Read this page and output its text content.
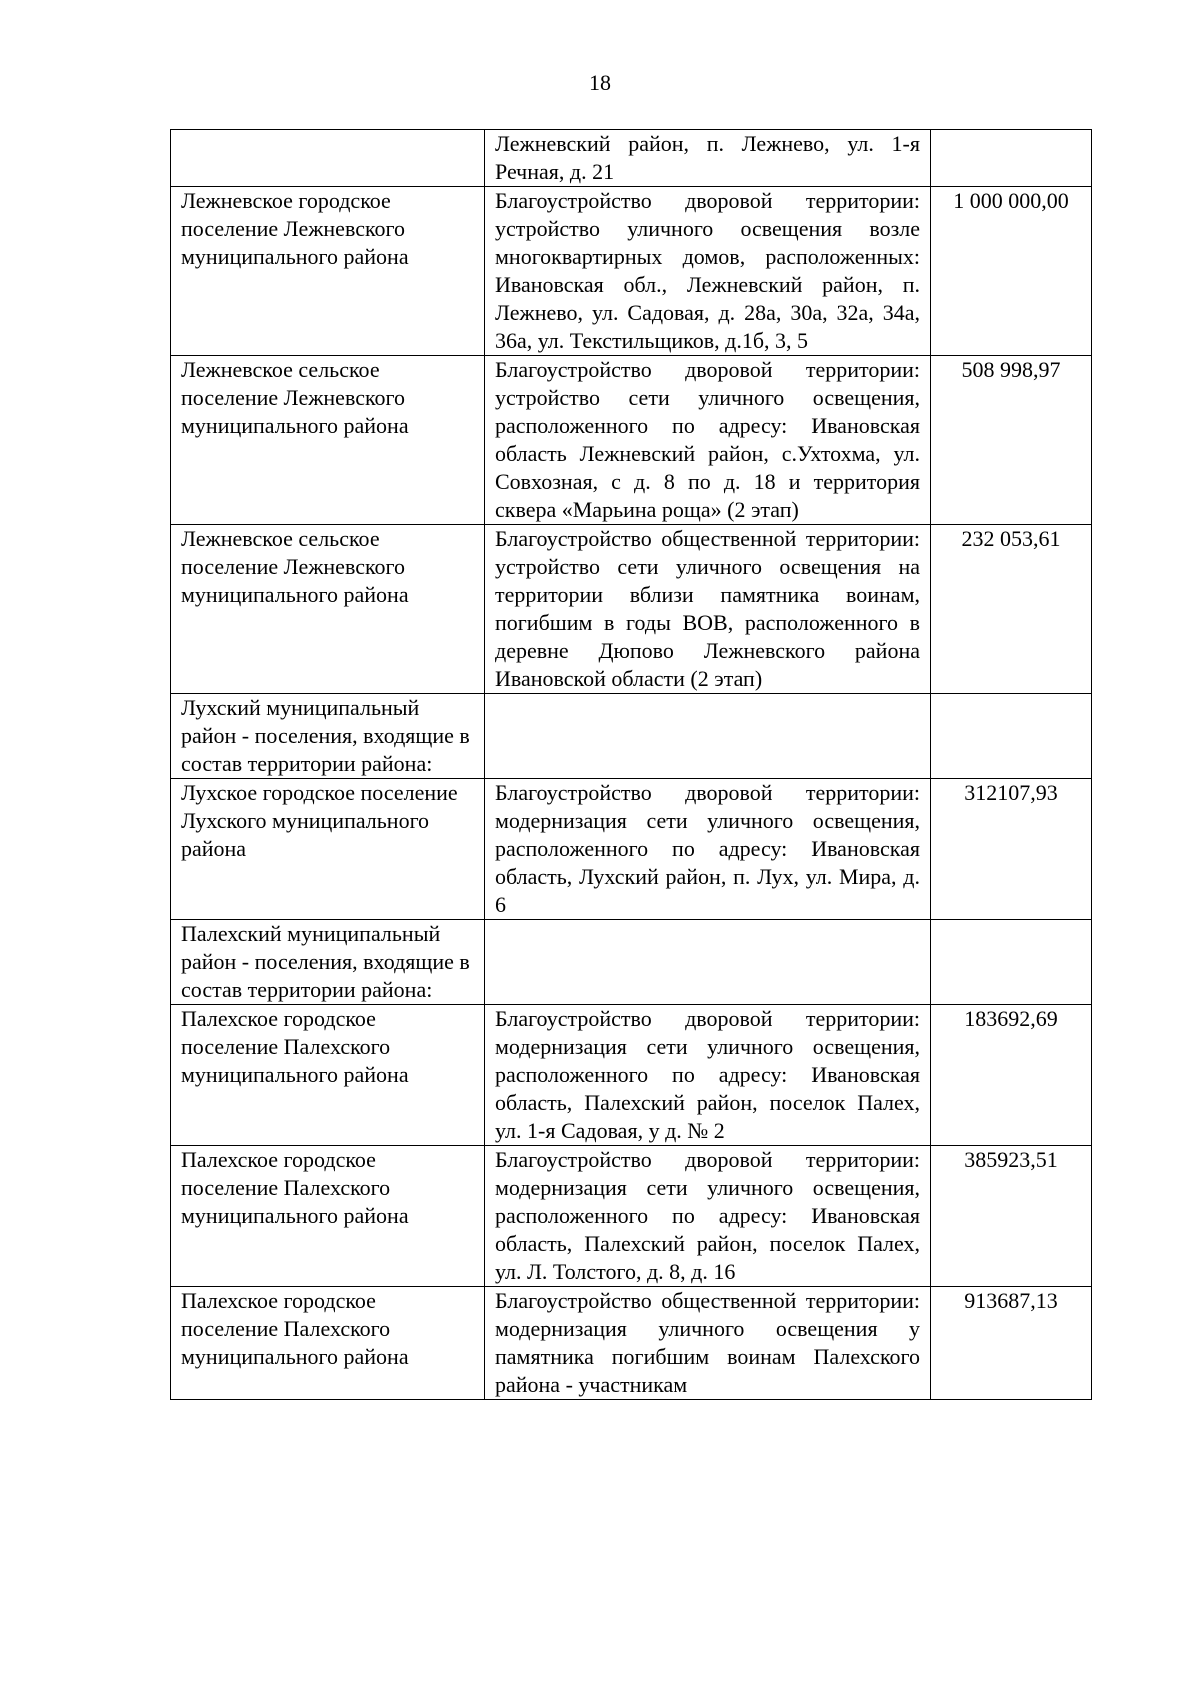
18
	Лежневский район, п. Лежнево, ул. 1-я Речная, д. 21	
Лежневское городское поселение Лежневского муниципального района	Благоустройство дворовой территории: устройство уличного освещения возле многоквартирных домов, расположенных: Ивановская обл., Лежневский район, п. Лежнево, ул. Садовая, д. 28а, 30а, 32а, 34а, 36а, ул. Текстильщиков, д.1б, 3, 5	1 000 000,00
Лежневское сельское поселение Лежневского муниципального района	Благоустройство дворовой территории: устройство сети уличного освещения, расположенного по адресу: Ивановская область Лежневский район, с.Ухтохма, ул. Совхозная, с д. 8 по д. 18 и территория сквера «Марьина роща» (2 этап)	508 998,97
Лежневское сельское поселение Лежневского муниципального района	Благоустройство общественной территории: устройство сети уличного освещения на территории вблизи памятника воинам, погибшим в годы ВОВ, расположенного в деревне Дюпово Лежневского района Ивановской области (2 этап)	232 053,61
Лухский муниципальный район - поселения, входящие в состав территории района:		
Лухское городское поселение Лухского муниципального района	Благоустройство дворовой территории: модернизация сети уличного освещения, расположенного по адресу: Ивановская область, Лухский район, п. Лух, ул. Мира, д. 6	312107,93
Палехский муниципальный район - поселения, входящие в состав территории района:		
Палехское городское поселение Палехского муниципального района	Благоустройство дворовой территории: модернизация сети уличного освещения, расположенного по адресу: Ивановская область, Палехский район, поселок Палех, ул. 1-я Садовая, у д. № 2	183692,69
Палехское городское поселение Палехского муниципального района	Благоустройство дворовой территории: модернизация сети уличного освещения, расположенного по адресу: Ивановская область, Палехский район, поселок Палех, ул. Л. Толстого, д. 8, д. 16	385923,51
Палехское городское поселение Палехского муниципального района	Благоустройство общественной территории: модернизация уличного освещения у памятника погибшим воинам Палехского района - участникам	913687,13
